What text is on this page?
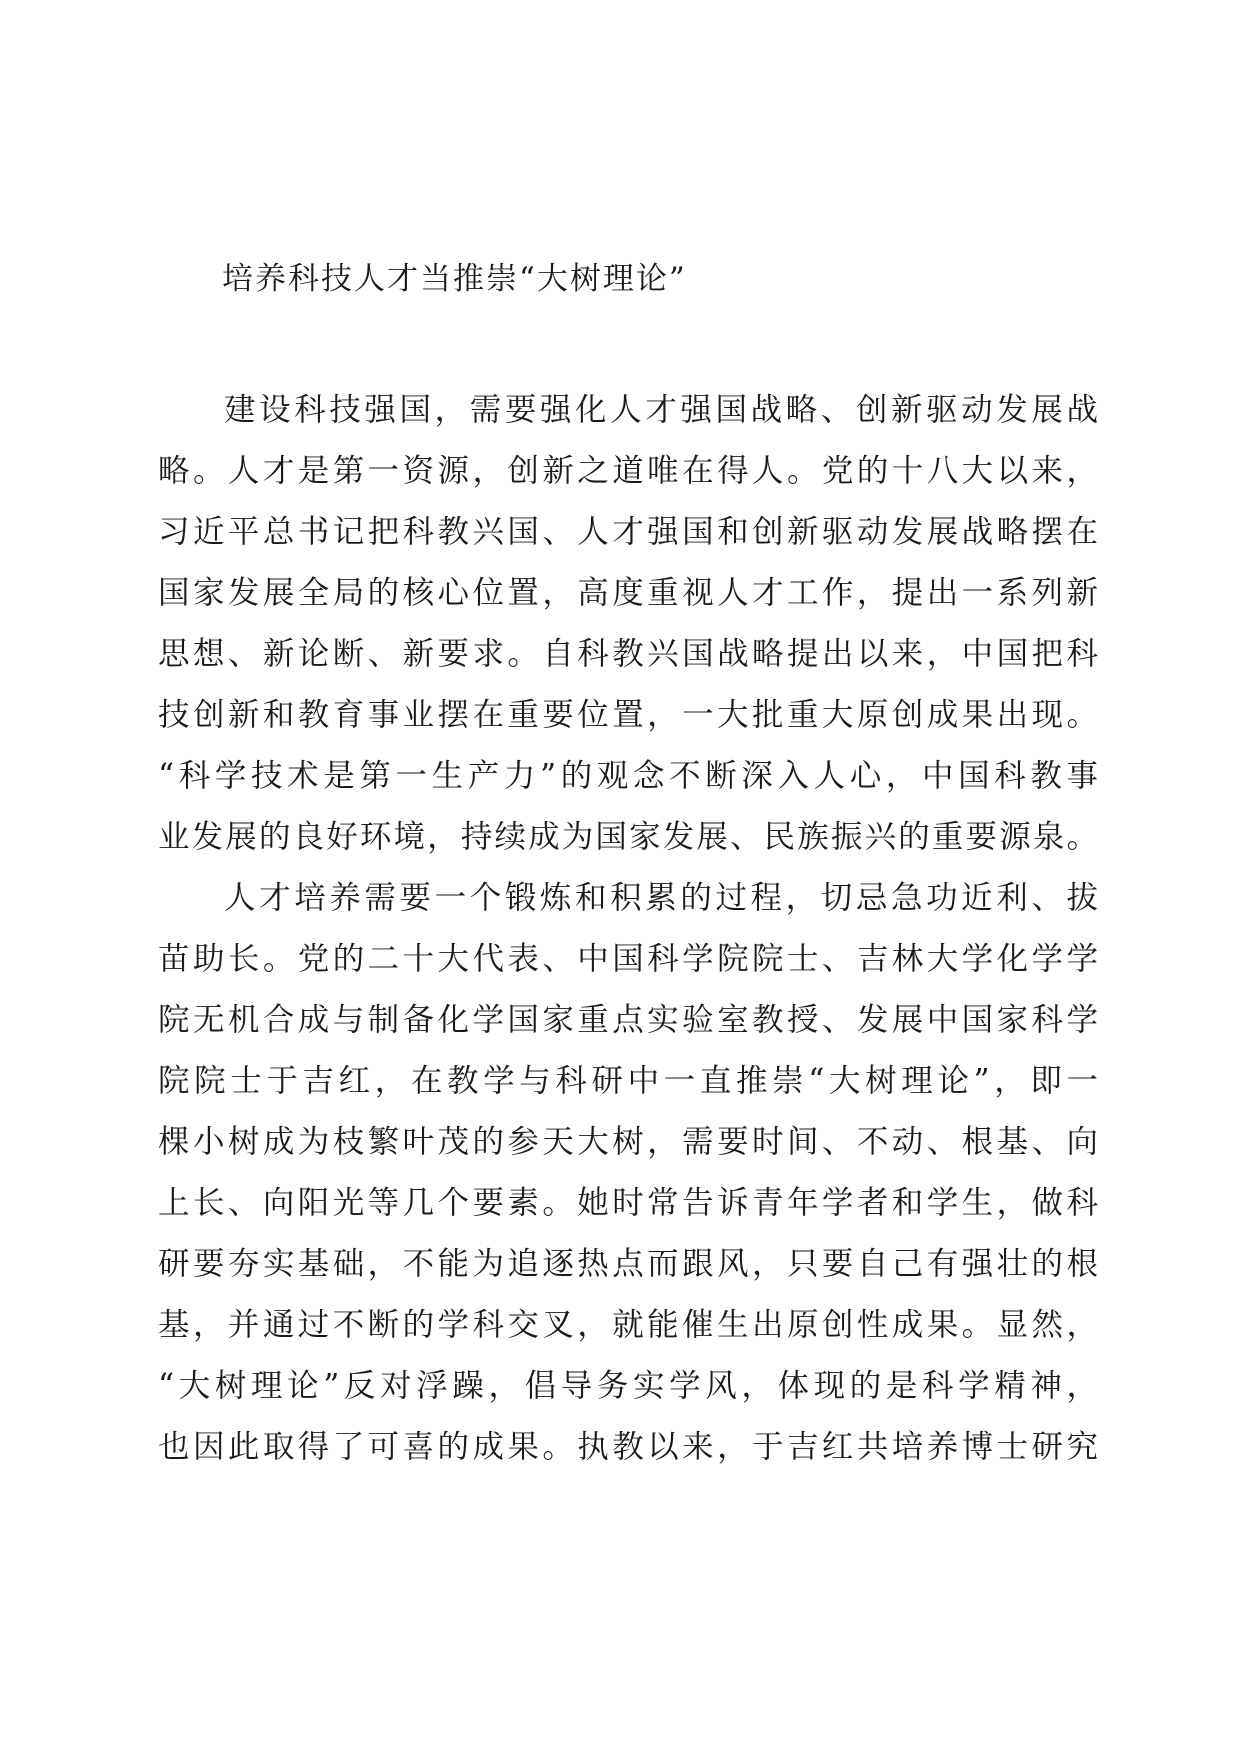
培养科技人才当推崇“大树理论”
建设科技强国，需要强化人才强国战略、创新驱动发展战
略。人才是第一资源，创新之道唯在得人。党的十八大以来，
习近平总书记把科教兴国、人才强国和创新驱动发展战略摆在
国家发展全局的核心位置，高度重视人才工作，提出一系列新
思想、新论断、新要求。自科教兴国战略提出以来，中国把科
技创新和教育事业摆在重要位置，一大批重大原创成果出现。
“科学技术是第一生产力”的观念不断深入人心，中国科教事
业发展的良好环境，持续成为国家发展、民族振兴的重要源泉。
人才培养需要一个锻炼和积累的过程，切忌急功近利、拔
苗助长。党的二十大代表、中国科学院院士、吉林大学化学学
院无机合成与制备化学国家重点实验室教授、发展中国家科学
院院士于吉红，在教学与科研中一直推崇“大树理论”，即一
棵小树成为枝繁叶茂的参天大树，需要时间、不动、根基、向
上长、向阳光等几个要素。她时常告诉青年学者和学生，做科
研要夯实基础，不能为追逐热点而跟风，只要自己有强壮的根
基，并通过不断的学科交叉，就能催生出原创性成果。显然，
“大树理论”反对浮躁，倡导务实学风，体现的是科学精神，
也因此取得了可喜的成果。执教以来，于吉红共培养博士研究
